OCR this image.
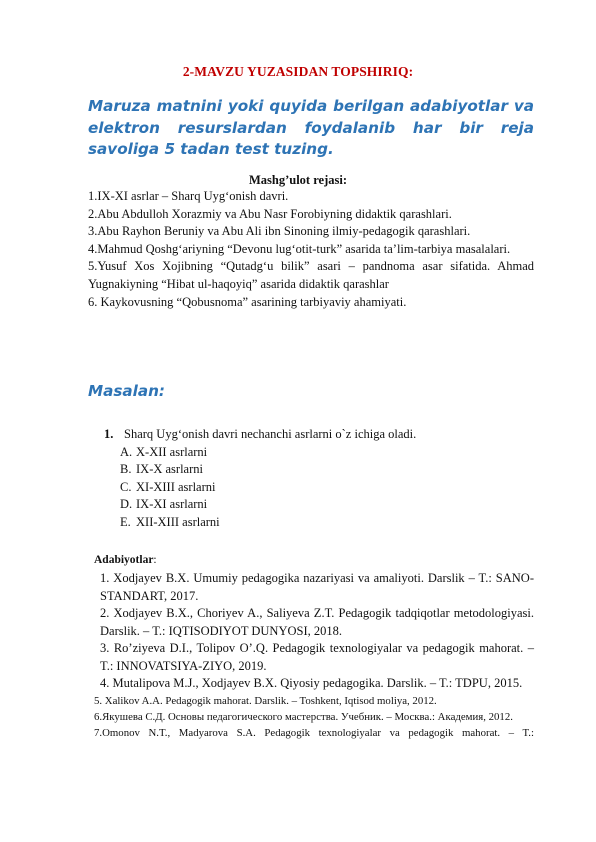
2-MAVZU YUZASIDAN TOPSHIRIQ:
Maruza matnini yoki quyida berilgan adabiyotlar va elektron resurslardan foydalanib har bir reja savoliga 5 tadan test tuzing.
Mashg’ulot rejasi:

1.IX-XI asrlar – Sharq Uyg‘onish davri.

2.Abu Abdulloh Xorazmiy va Abu Nasr Forobiyning didaktik qarashlari.

3.Abu Rayhon Beruniy va Abu Ali ibn Sinoning ilmiy-pedagogik qarashlari.

4.Mahmud Qoshg‘ariyning “Devonu lug‘otit-turk” asarida ta’lim-tarbiya masalalari.

5.Yusuf Xos Xojibning “Qutadg‘u bilik” asari – pandnoma asar sifatida. Ahmad Yugnakiyning “Hibat ul-haqoyiq” asarida didaktik qarashlar

6. Kaykovusning “Qobusnoma” asarining tarbiyaviy ahamiyati.

Masalan:
1. Sharq Uyg‘onish davri nechanchi asrlarni o`z ichiga oladi.
A. X-XII asrlarni
B. IX-X asrlarni
C. XI-XIII asrlarni
D. IX-XI asrlarni
E. XII-XIII asrlarni
Adabiyotlar:

1. Xodjayev B.X. Umumiy pedagogika nazariyasi va amaliyoti. Darslik – T.: SANO-STANDART, 2017.

2. Xodjayev B.X., Choriyev A., Saliyeva Z.T. Pedagogik tadqiqotlar metodologiyasi. Darslik. – T.: IQTISODIYOT DUNYOSI, 2018.

3. Ro’ziyeva D.I., Tolipov O’.Q. Pedagogik texnologiyalar va pedagogik mahorat. – T.: INNOVATSIYA-ZIYO, 2019.

4. Mutalipova M.J., Xodjayev B.X. Qiyosiy pedagogika. Darslik. – T.: TDPU, 2015.

5. Xalikov A.A. Pedagogik mahorat. Darslik. – Toshkent, Iqtisod moliya, 2012.

6.Якушева С.Д. Основы педагогического мастерства. Учебник. – Москва.: Академия, 2012.

7.Omonov N.T., Madyarova S.A. Pedagogik texnologiyalar va pedagogik mahorat. – T.:
